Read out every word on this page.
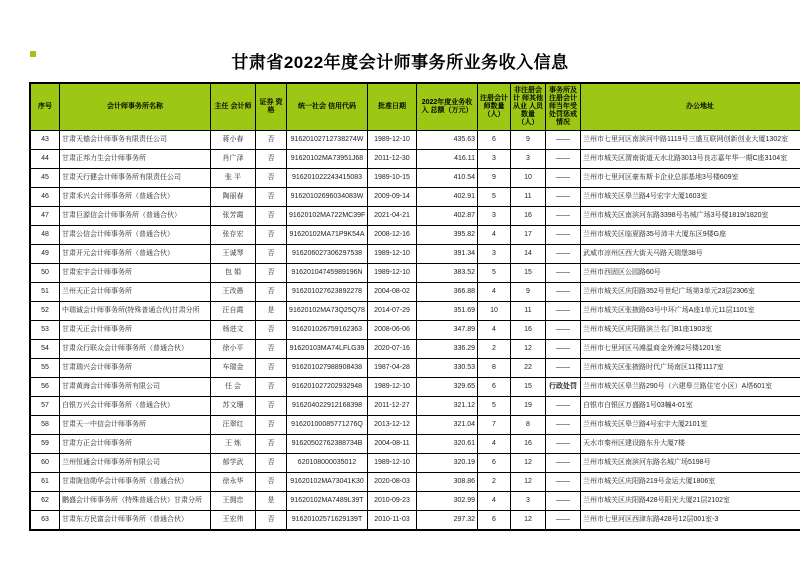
甘肃省2022年度会计师事务所业务收入信息
序号	会计师事务所名称	主任 会计师	证券 资格	统一社会 信用代码	批准日期	2022年度业务收入 总额（万元）	注册会计 师数量 （人）	非注册会计 师其他从业 人员数量 （人）	事务所及 注册会计 师当年受 处罚惩戒 情况	办公地址
43	甘肃天德会计师事务有限责任公司	蒋小春	否	91620102712738274W	1989-12-10	435.63	6	9	——	兰州市七里河区南滨河中路1119号三盛互联网创新创业大厦1302室
44	甘肃正邦力生会计师事务所	肖广泽	否	91620102MA73951J68	2011-12-30	416.11	3	3	——	兰州市城关区渭南街道天水北路3013号良志嘉年华一期C座3104室
45	甘肃天行健会计师事务所有限责任公司	张 平	否	916201022243415083	1989-10-15	410.54	9	10	——	兰州市七里河区豪布斯卡企业总部基地3号楼609室
46	甘肃禾兴会计师事务所（普通合伙）	陶丽春	否	91620102696034083W	2009-09-14	402.91	5	11	——	兰州市城关区皋兰路4号宏宇大厦1603室
47	甘肃巨源信会计师事务所（普通合伙）	张芳霞	否	91620102MA722MC39F	2021-04-21	402.87	3	16	——	兰州市城关区南滨河东路3398号名城广场3号楼1819/1820室
48	甘肃公信会计师事务所（普通合伙）	张存宏	否	91620102MA71P9K54A	2008-12-16	395.82	4	17	——	兰州市城关区临夏路35号沛丰大厦东区9楼G座
49	甘肃开元会计师事务所（普通合伙）	王诚琴	否	916206027306297538	1989-12-10	391.34	3	14	——	武威市凉州区西大街天马路天瑞堡38号
50	甘肃宏宇会计师事务所	包 娟	否	91620104745989196N	1989-12-10	383.52	5	15	——	兰州市西固区公园路60号
51	兰州天正会计师事务所	王改愚	否	916201027623892278	2004-08-02	366.88	4	9	——	兰州市城关区庆阳路352号世纪广场第3单元23层2306室
52	中瑞诚会计师事务所(特殊普通合伙)甘肃分所	汪自霞	是	91620102MA73Q25Q78	2014-07-29	351.69	10	11	——	兰州市城关区张掖路63号中环广场A座1单元11层1101室
53	甘肃天正会计师事务所	杨进文	否	916201026759162363	2008-06-06	347.89	4	16	——	兰州市城关区庆阳路滨兰名门B1座1903室
54	甘肃众行联众会计师事务所（普通合伙）	徐小平	否	91620103MA74LFLG39	2020-07-16	336.29	2	12	——	兰州市七里河区马滩温商金外滩2号楼1201室
55	甘肃瑞兴会计师事务所	车瑞金	否	916201027988908438	1987-04-28	330.53	8	22	——	兰州市城关区张掖路时代广场南区11楼1117室
56	甘肃黄海会计师事务所有限公司	任 会	否	916201027202932948	1989-12-10	329.65	6	15	行政处罚	兰州市城关区皋兰路290号（六建皋兰路住宅小区）A塔601室
57	白银万兴会计师事务所（普通合伙）	苏文珊	否	916204022912168398	2011-12-27	321.12	5	19	——	白银市白银区万盛路1号03幢4-01室
58	甘肃天一中信会计师事务所	汪翠红	否	91620100085771276Q	2013-12-12	321.04	7	8	——	兰州市城关区皋兰路4号宏宇大厦2101室
59	甘肃方正会计师事务所	王 炼	否	91620502762388734B	2004-08-11	320.61	4	16	——	天水市秦州区建设路东升大厦7楼
60	兰州恒通会计师事务所有限公司	郁学武	否	620108000035012	1989-12-10	320.19	6	12	——	兰州市城关区南滨河东路名城广场5198号
61	甘肃陇信勋华会计师事务所（普通合伙）	徐永华	否	91620102MA73041K30	2020-08-03	308.86	2	12	——	兰州市城关区庆阳路219号金运大厦1806室
62	鹏盛会计师事务所（特殊普通合伙）甘肃分所	王拥忠	是	91620102MA7489L39T	2010-09-23	302.99	4	3	——	兰州市城关区庆阳路428号阳光大厦21层2102室
63	甘肃东方民富会计师事务所（普通合伙）	王宏伟	否	91620102571629139T	2010-11-03	297.32	6	12	——	兰州市七里河区西津东路428号12层001室-3
